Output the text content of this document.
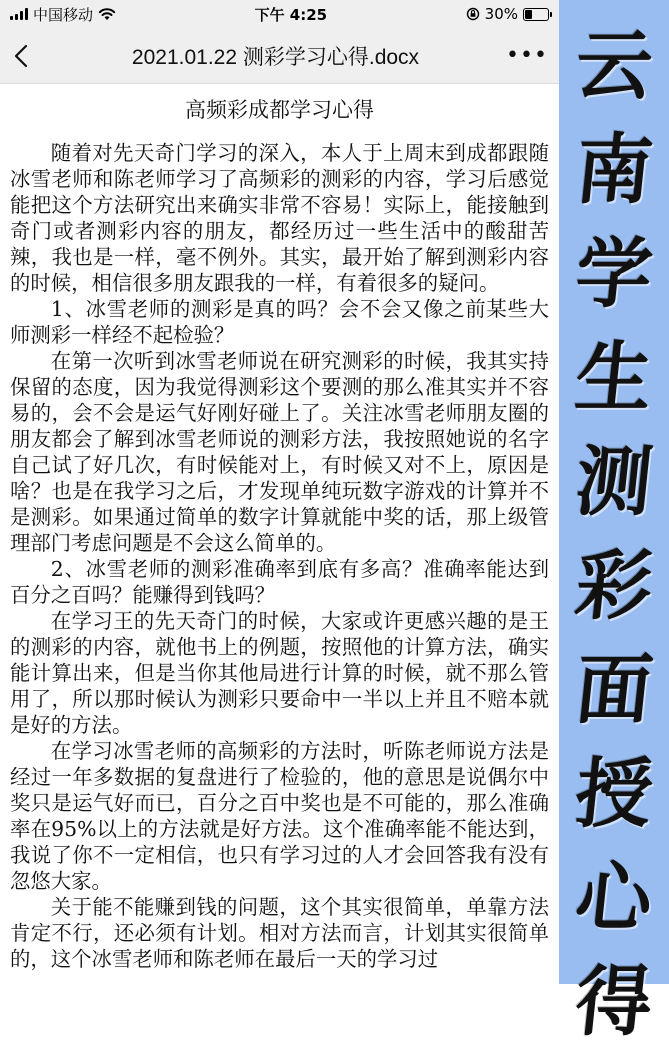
中国移动	下午 4:25	30%
2021.01.22 测彩学习心得.docx	•••
高频彩成都学习心得

随着对先天奇门学习的深入，本人于上周末到成都跟随冰雪老师和陈老师学习了高频彩的测彩的内容，学习后感觉能把这个方法研究出来确实非常不容易！实际上，能接触到奇门或者测彩内容的朋友，都经历过一些生活中的酸甜苦辣，我也是一样，毫不例外。其实，最开始了解到测彩内容的时候，相信很多朋友跟我的一样，有着很多的疑问。

1、冰雪老师的测彩是真的吗？会不会又像之前某些大师测彩一样经不起检验？

在第一次听到冰雪老师说在研究测彩的时候，我其实持保留的态度，因为我觉得测彩这个要测的那么准其实并不容易的，会不会是运气好刚好碰上了。关注冰雪老师朋友圈的朋友都会了解到冰雪老师说的测彩方法，我按照她说的名字自己试了好几次，有时候能对上，有时候又对不上，原因是啥？也是在我学习之后，才发现单纯玩数字游戏的计算并不是测彩。如果通过简单的数字计算就能中奖的话，那上级管理部门考虑问题是不会这么简单的。

2、冰雪老师的测彩准确率到底有多高？准确率能达到百分之百吗？能赚得到钱吗？

在学习王的先天奇门的时候，大家或许更感兴趣的是王的测彩的内容，就他书上的例题，按照他的计算方法，确实能计算出来，但是当你其他局进行计算的时候，就不那么管用了，所以那时候认为测彩只要命中一半以上并且不赔本就是好的方法。

在学习冰雪老师的高频彩的方法时，听陈老师说方法是经过一年多数据的复盘进行了检验的，他的意思是说偶尔中奖只是运气好而已，百分之百中奖也是不可能的，那么准确率在95%以上的方法就是好方法。这个准确率能不能达到，我说了你不一定相信，也只有学习过的人才会回答我有没有忽悠大家。

关于能不能赚到钱的问题，这个其实很简单，单靠方法肯定不行，还必须有计划。相对方法而言，计划其实很简单的，这个冰雪老师和陈老师在最后一天的学习过

云
南
学
生
测
彩
面
授
心
得
